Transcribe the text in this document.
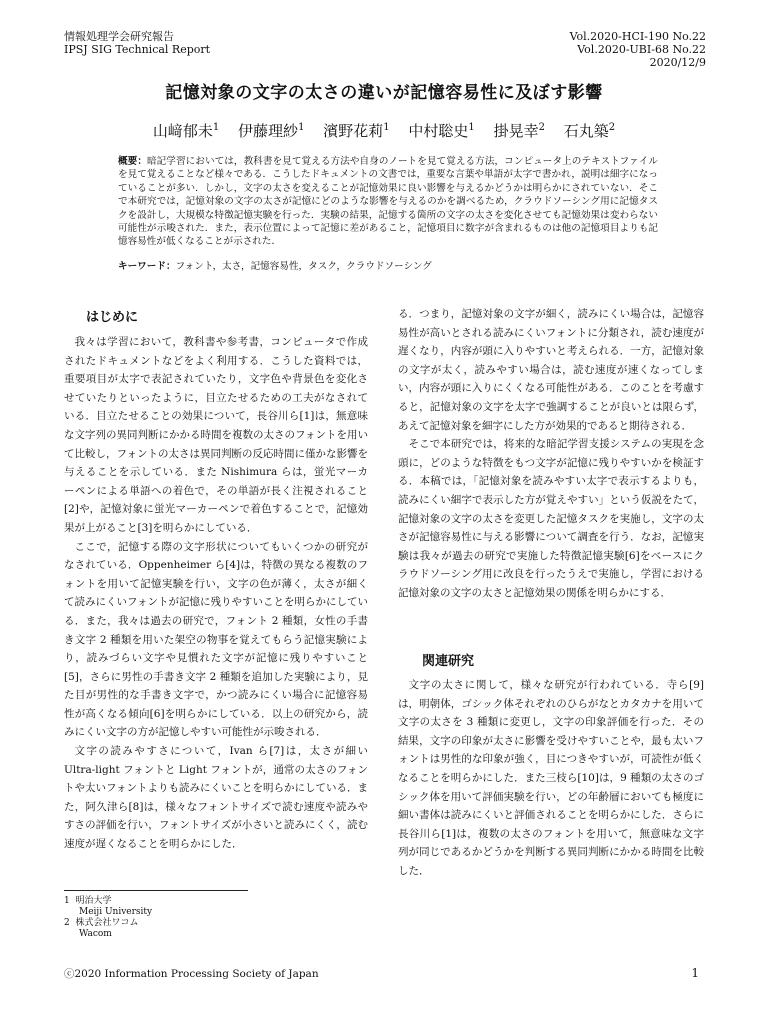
情報処理学会研究報告
IPSJ SIG Technical Report
Vol.2020-HCI-190 No.22
Vol.2020-UBI-68 No.22
2020/12/9
記憶対象の文字の太さの違いが記憶容易性に及ぼす影響
山﨑郁未$^1$ 伊藤理紗$^1$ 濱野花莉$^1$ 中村聡史$^1$ 掛晃幸$^2$ 石丸築$^2$
概要：暗記学習においては，教科書を見て覚える方法や自身のノートを見て覚える方法，コンピュータ上のテキストファイルを見て覚えることなど様々である．こうしたドキュメントの文書では，重要な言葉や単語が太字で書かれ，説明は細字になっていることが多い．しかし，文字の太さを変えることが記憶効果に良い影響を与えるかどうかは明らかにされていない．そこで本研究では，記憶対象の文字の太さが記憶にどのような影響を与えるのかを調べるため，クラウドソーシング用に記憶タスクを設計し，大規模な特徴記憶実験を行った．実験の結果，記憶する箇所の文字の太さを変化させても記憶効果は変わらない可能性が示唆された．また，表示位置によって記憶に差があること，記憶項目に数字が含まれるものは他の記憶項目よりも記憶容易性が低くなることが示された．
キーワード：フォント，太さ，記憶容易性，タスク，クラウドソーシング
はじめに

我々は学習において，教科書や参考書，コンピュータで作成されたドキュメントなどをよく利用する．こうした資料では，重要項目が太字で表記されていたり，文字色や背景色を変化させていたりといったように，目立たせるための工夫がなされている．目立たせることの効果について，長谷川ら[1]は，無意味な文字列の異同判断にかかる時間を複数の太さのフォントを用いて比較し，フォントの太さは異同判断の反応時間に僅かな影響を与えることを示している．また Nishimura らは，蛍光マーカーペンによる単語への着色で，その単語が長く注視されること[2]や，記憶対象に蛍光マーカーペンで着色することで，記憶効果が上がること[3]を明らかにしている．

ここで，記憶する際の文字形状についてもいくつかの研究がなされている．Oppenheimer ら[4]は，特徴の異なる複数のフォントを用いて記憶実験を行い，文字の色が薄く，太さが細くて読みにくいフォントが記憶に残りやすいことを明らかにしている．また，我々は過去の研究で，フォント 2 種類，女性の手書き文字 2 種類を用いた架空の物事を覚えてもらう記憶実験により，読みづらい文字や見慣れた文字が記憶に残りやすいこと[5]，さらに男性の手書き文字 2 種類を追加した実験により，見た目が男性的な手書き文字で，かつ読みにくい場合に記憶容易性が高くなる傾向[6]を明らかにしている．以上の研究から，読みにくい文字の方が記憶しやすい可能性が示唆される．

文字の読みやすさについて，Ivan ら[7]は，太さが細い Ultra-light フォントと Light フォントが，通常の太さのフォントや太いフォントよりも読みにくいことを明らかにしている．また，阿久津ら[8]は，様々なフォントサイズで読む速度や読みやすさの評価を行い，フォントサイズが小さいと読みにくく，読む速度が遅くなることを明らかにした．

る．つまり，記憶対象の文字が細く，読みにくい場合は，記憶容易性が高いとされる読みにくいフォントに分類され，読む速度が遅くなり，内容が頭に入りやすいと考えられる．一方，記憶対象の文字が太く，読みやすい場合は，読む速度が速くなってしまい，内容が頭に入りにくくなる可能性がある．このことを考慮すると，記憶対象の文字を太字で強調することが良いとは限らず，あえて記憶対象を細字にした方が効果的であると期待される．

そこで本研究では，将来的な暗記学習支援システムの実現を念頭に，どのような特徴をもつ文字が記憶に残りやすいかを検証する．本稿では，「記憶対象を読みやすい太字で表示するよりも，読みにくい細字で表示した方が覚えやすい」という仮説をたて，記憶対象の文字の太さを変更した記憶タスクを実施し，文字の太さが記憶容易性に与える影響について調査を行う．なお，記憶実験は我々が過去の研究で実施した特徴記憶実験[6]をベースにクラウドソーシング用に改良を行ったうえで実施し，学習における記憶対象の文字の太さと記憶効果の関係を明らかにする．

関連研究

文字の太さに関して，様々な研究が行われている．寺ら[9]は，明朝体，ゴシック体それぞれのひらがなとカタカナを用いて文字の太さを 3 種類に変更し，文字の印象評価を行った．その結果，文字の印象が太さに影響を受けやすいことや，最も太いフォントは男性的な印象が強く，目につきやすいが，可読性が低くなることを明らかにした．また三枝ら[10]は，9 種類の太さのゴシック体を用いて評価実験を行い，どの年齢層においても極度に細い書体は読みにくいと評価されることを明らかにした．さらに長谷川ら[1]は，複数の太さのフォントを用いて，無意味な文字列が同じであるかどうかを判断する異同判断にかかる時間を比較した．

1 明治大学
Meiji University
2 株式会社ワコム
Wacom
ⓒ2020 Information Processing Society of Japan	1
